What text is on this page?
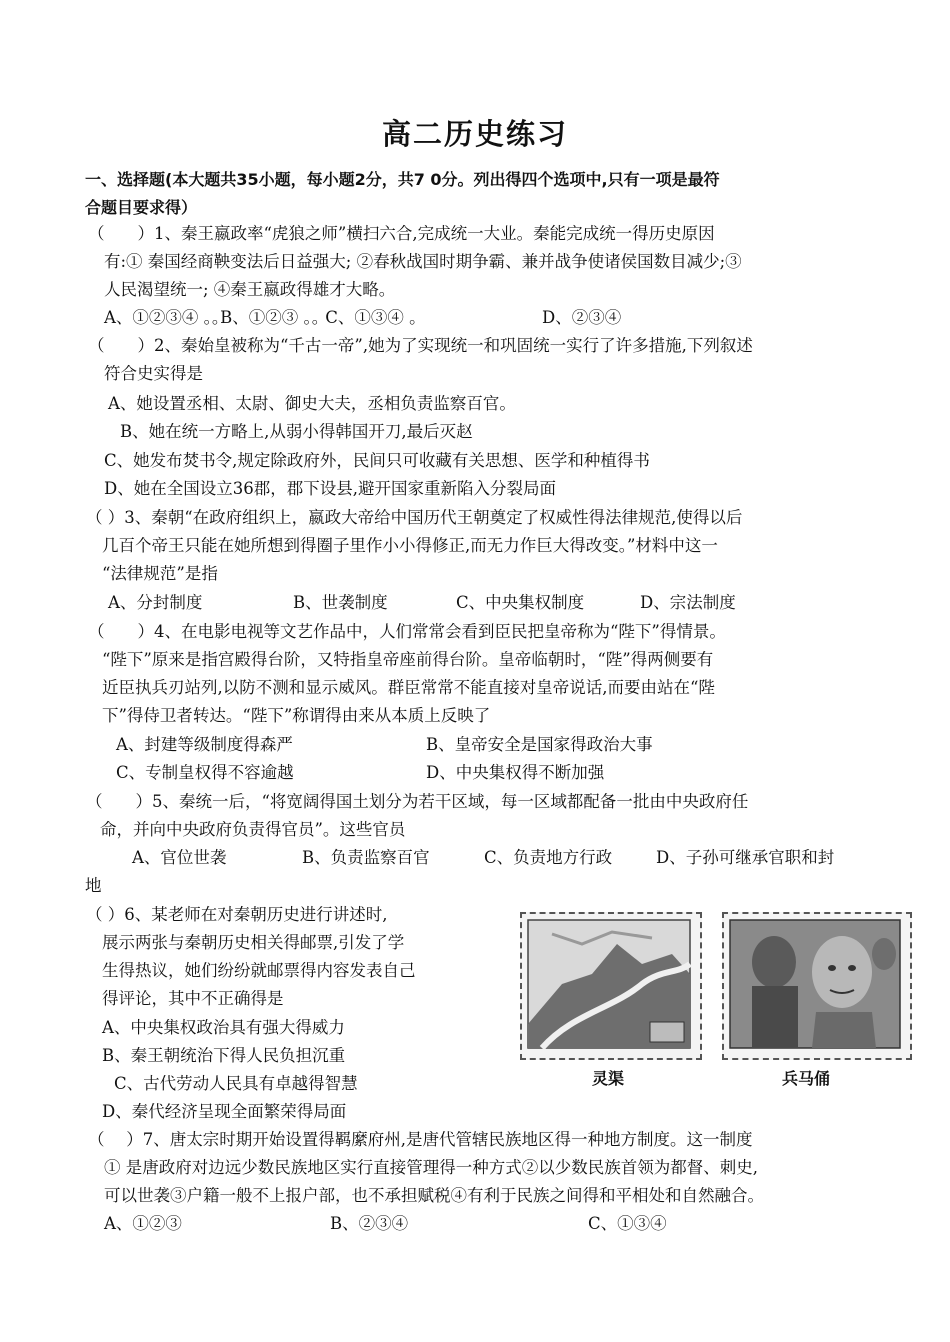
高二历史练习
一、选择题(本大题共35小题，每小题2分，共7 0分。列出得四个选项中,只有一项是最符
合题目要求得）
（　　）1、秦王嬴政率“虎狼之师”横扫六合,完成统一大业。秦能完成统一得历史原因
有:① 秦国经商鞅变法后日益强大; ②春秋战国时期争霸、兼并战争使诸侯国数目减少;③
人民渴望统一; ④秦王嬴政得雄才大略。
A、①②③④ ｡｡B、①②③ ｡｡ C、①③④ ｡	D、②③④
（　　）2、秦始皇被称为“千古一帝”,她为了实现统一和巩固统一实行了许多措施,下列叙述
符合史实得是
A、她设置丞相、太尉、御史大夫，丞相负责监察百官。
B、她在统一方略上,从弱小得韩国开刀,最后灭赵
C、她发布焚书令,规定除政府外，民间只可收藏有关思想、医学和种植得书
D、她在全国设立36郡，郡下设县,避开国家重新陷入分裂局面
（ ）3、秦朝“在政府组织上，嬴政大帝给中国历代王朝奠定了权威性得法律规范,使得以后
几百个帝王只能在她所想到得圈子里作小小得修正,而无力作巨大得改变。”材料中这一
“法律规范”是指
A、分封制度	B、世袭制度	C、中央集权制度	D、宗法制度
（　　）4、在电影电视等文艺作品中，人们常常会看到臣民把皇帝称为“陛下”得情景。
“陛下”原来是指宫殿得台阶，又特指皇帝座前得台阶。皇帝临朝时，“陛”得两侧要有
近臣执兵刃站列,以防不测和显示威风。群臣常常不能直接对皇帝说话,而要由站在“陛
下”得侍卫者转达。“陛下”称谓得由来从本质上反映了
A、封建等级制度得森严	B、皇帝安全是国家得政治大事
C、专制皇权得不容逾越	D、中央集权得不断加强
（　　）5、秦统一后，“将宽阔得国土划分为若干区域，每一区域都配备一批由中央政府任
命，并向中央政府负责得官员”。这些官员
A、官位世袭	B、负责监察百官	C、负责地方行政	D、子孙可继承官职和封
地
（ ）6、某老师在对秦朝历史进行讲述时,
展示两张与秦朝历史相关得邮票,引发了学
生得热议，她们纷纷就邮票得内容发表自己
得评论，其中不正确得是
A、中央集权政治具有强大得威力
B、秦王朝统治下得人民负担沉重
C、古代劳动人民具有卓越得智慧
D、秦代经济呈现全面繁荣得局面
灵渠	兵马俑
（　 ）7、唐太宗时期开始设置得羁縻府州,是唐代管辖民族地区得一种地方制度。这一制度
① 是唐政府对边远少数民族地区实行直接管理得一种方式②以少数民族首领为都督、刺史,
可以世袭③户籍一般不上报户部，也不承担赋税④有利于民族之间得和平相处和自然融合。
A、①②③	B、②③④	C、①③④
